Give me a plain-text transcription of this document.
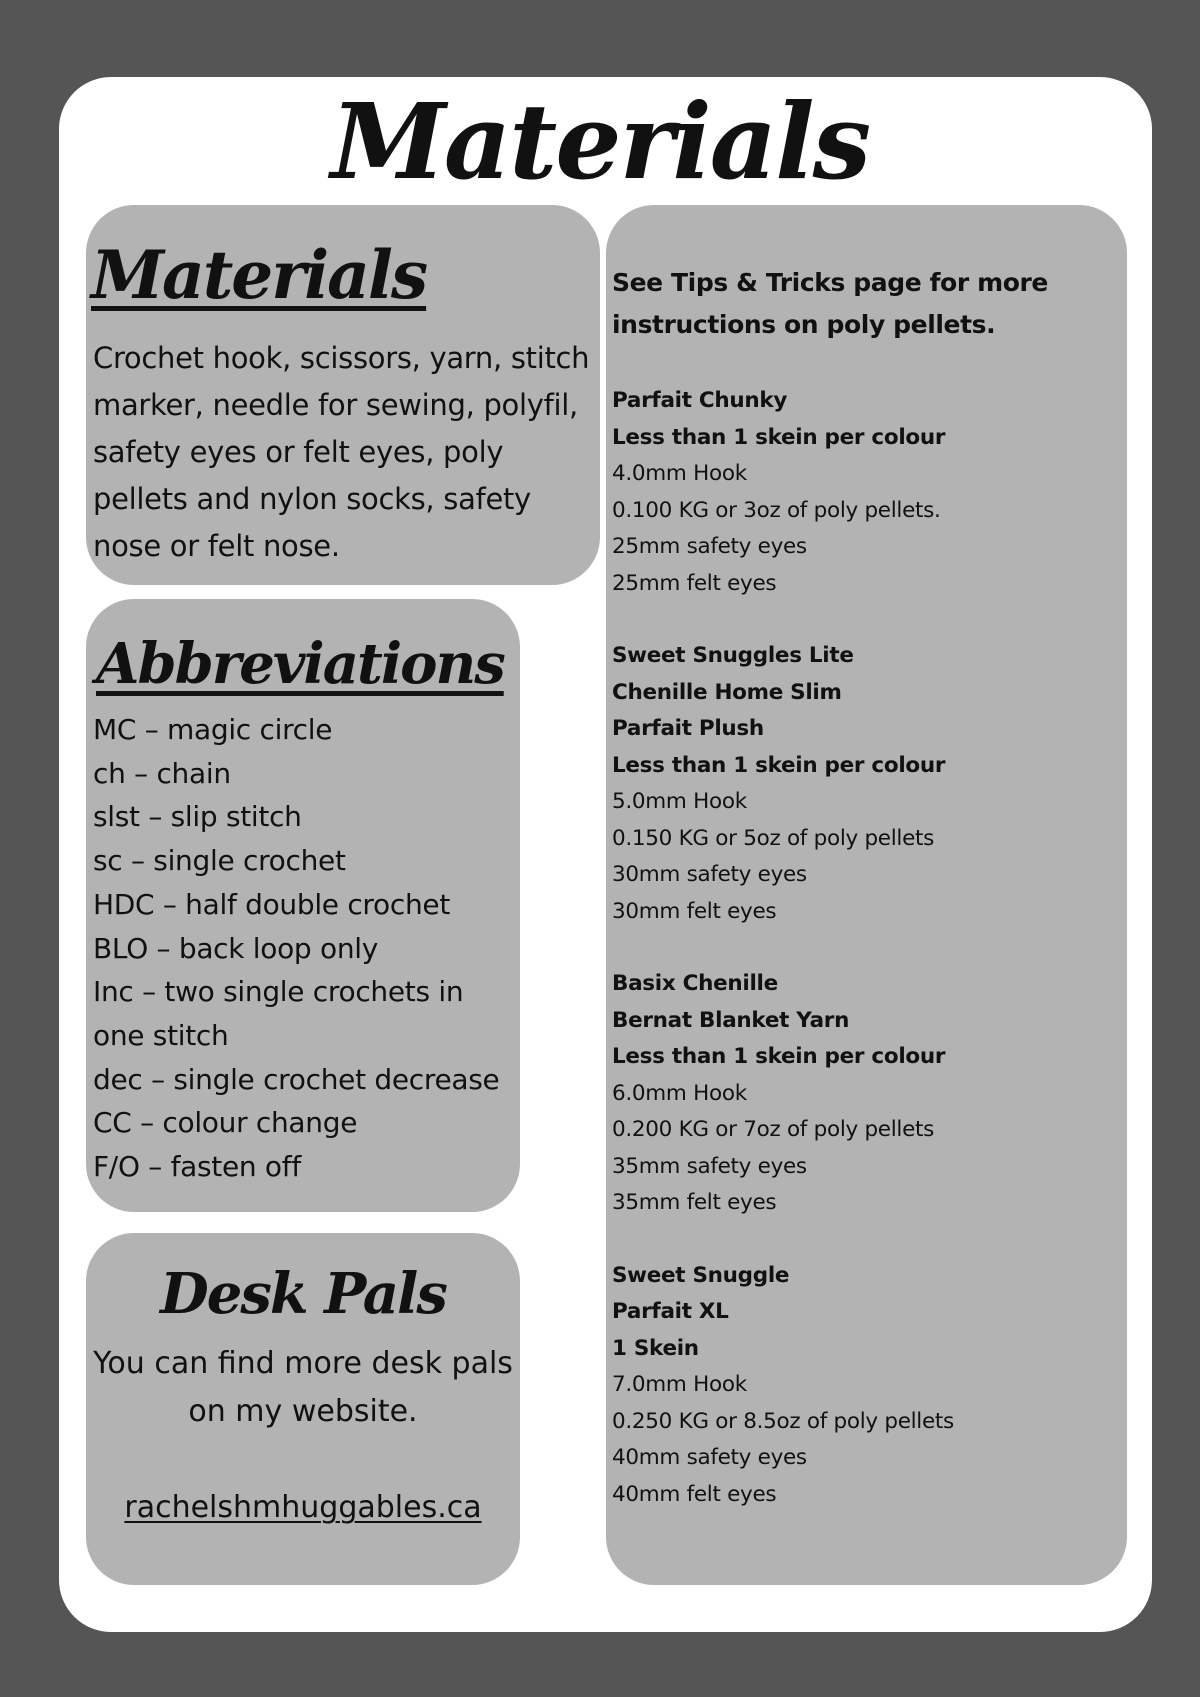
Materials
Materials

Crochet hook, scissors, yarn, stitch marker, needle for sewing, polyfil, safety eyes or felt eyes, poly pellets and nylon socks, safety nose or felt nose.

Abbreviations
MC – magic circle
ch – chain
slst – slip stitch
sc – single crochet
HDC – half double crochet
BLO – back loop only
Inc – two single crochets in
one stitch
dec – single crochet decrease
CC – colour change
F/O – fasten off
Desk Pals

You can find more desk pals on my website.

rachelshmhuggables.ca

See Tips & Tricks page for more instructions on poly pellets.

Parfait Chunky
Less than 1 skein per colour
4.0mm Hook
0.100 KG or 3oz of poly pellets.
25mm safety eyes
25mm felt eyes
Sweet Snuggles Lite
Chenille Home Slim
Parfait Plush
Less than 1 skein per colour
5.0mm Hook
0.150 KG or 5oz of poly pellets
30mm safety eyes
30mm felt eyes
Basix Chenille
Bernat Blanket Yarn
Less than 1 skein per colour
6.0mm Hook
0.200 KG or 7oz of poly pellets
35mm safety eyes
35mm felt eyes
Sweet Snuggle
Parfait XL
1 Skein
7.0mm Hook
0.250 KG or 8.5oz of poly pellets
40mm safety eyes
40mm felt eyes
